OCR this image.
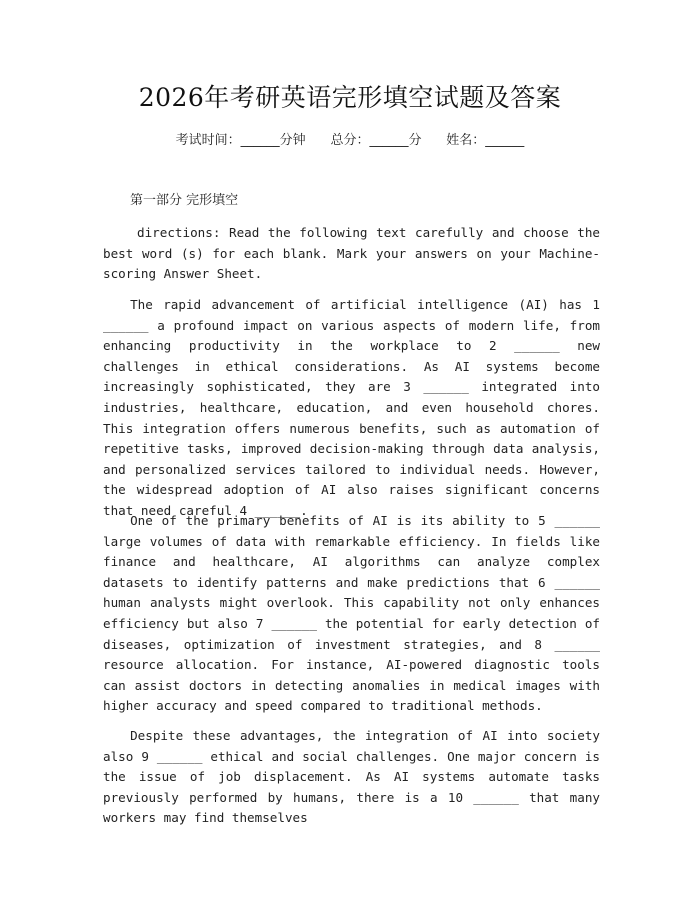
2026年考研英语完形填空试题及答案
考试时间：______分钟 总分：______分 姓名：______
第一部分 完形填空

directions: Read the following text carefully and choose the best word (s) for each blank. Mark your answers on your Machine-scoring Answer Sheet.

The rapid advancement of artificial intelligence (AI) has 1 ______ a profound impact on various aspects of modern life, from enhancing productivity in the workplace to 2 ______ new challenges in ethical considerations. As AI systems become increasingly sophisticated, they are 3 ______ integrated into industries, healthcare, education, and even household chores. This integration offers numerous benefits, such as automation of repetitive tasks, improved decision-making through data analysis, and personalized services tailored to individual needs. However, the widespread adoption of AI also raises significant concerns that need careful 4 ______.

One of the primary benefits of AI is its ability to 5 ______ large volumes of data with remarkable efficiency. In fields like finance and healthcare, AI algorithms can analyze complex datasets to identify patterns and make predictions that 6 ______ human analysts might overlook. This capability not only enhances efficiency but also 7 ______ the potential for early detection of diseases, optimization of investment strategies, and 8 ______ resource allocation. For instance, AI-powered diagnostic tools can assist doctors in detecting anomalies in medical images with higher accuracy and speed compared to traditional methods.

Despite these advantages, the integration of AI into society also 9 ______ ethical and social challenges. One major concern is the issue of job displacement. As AI systems automate tasks previously performed by humans, there is a 10 ______ that many workers may find themselves
